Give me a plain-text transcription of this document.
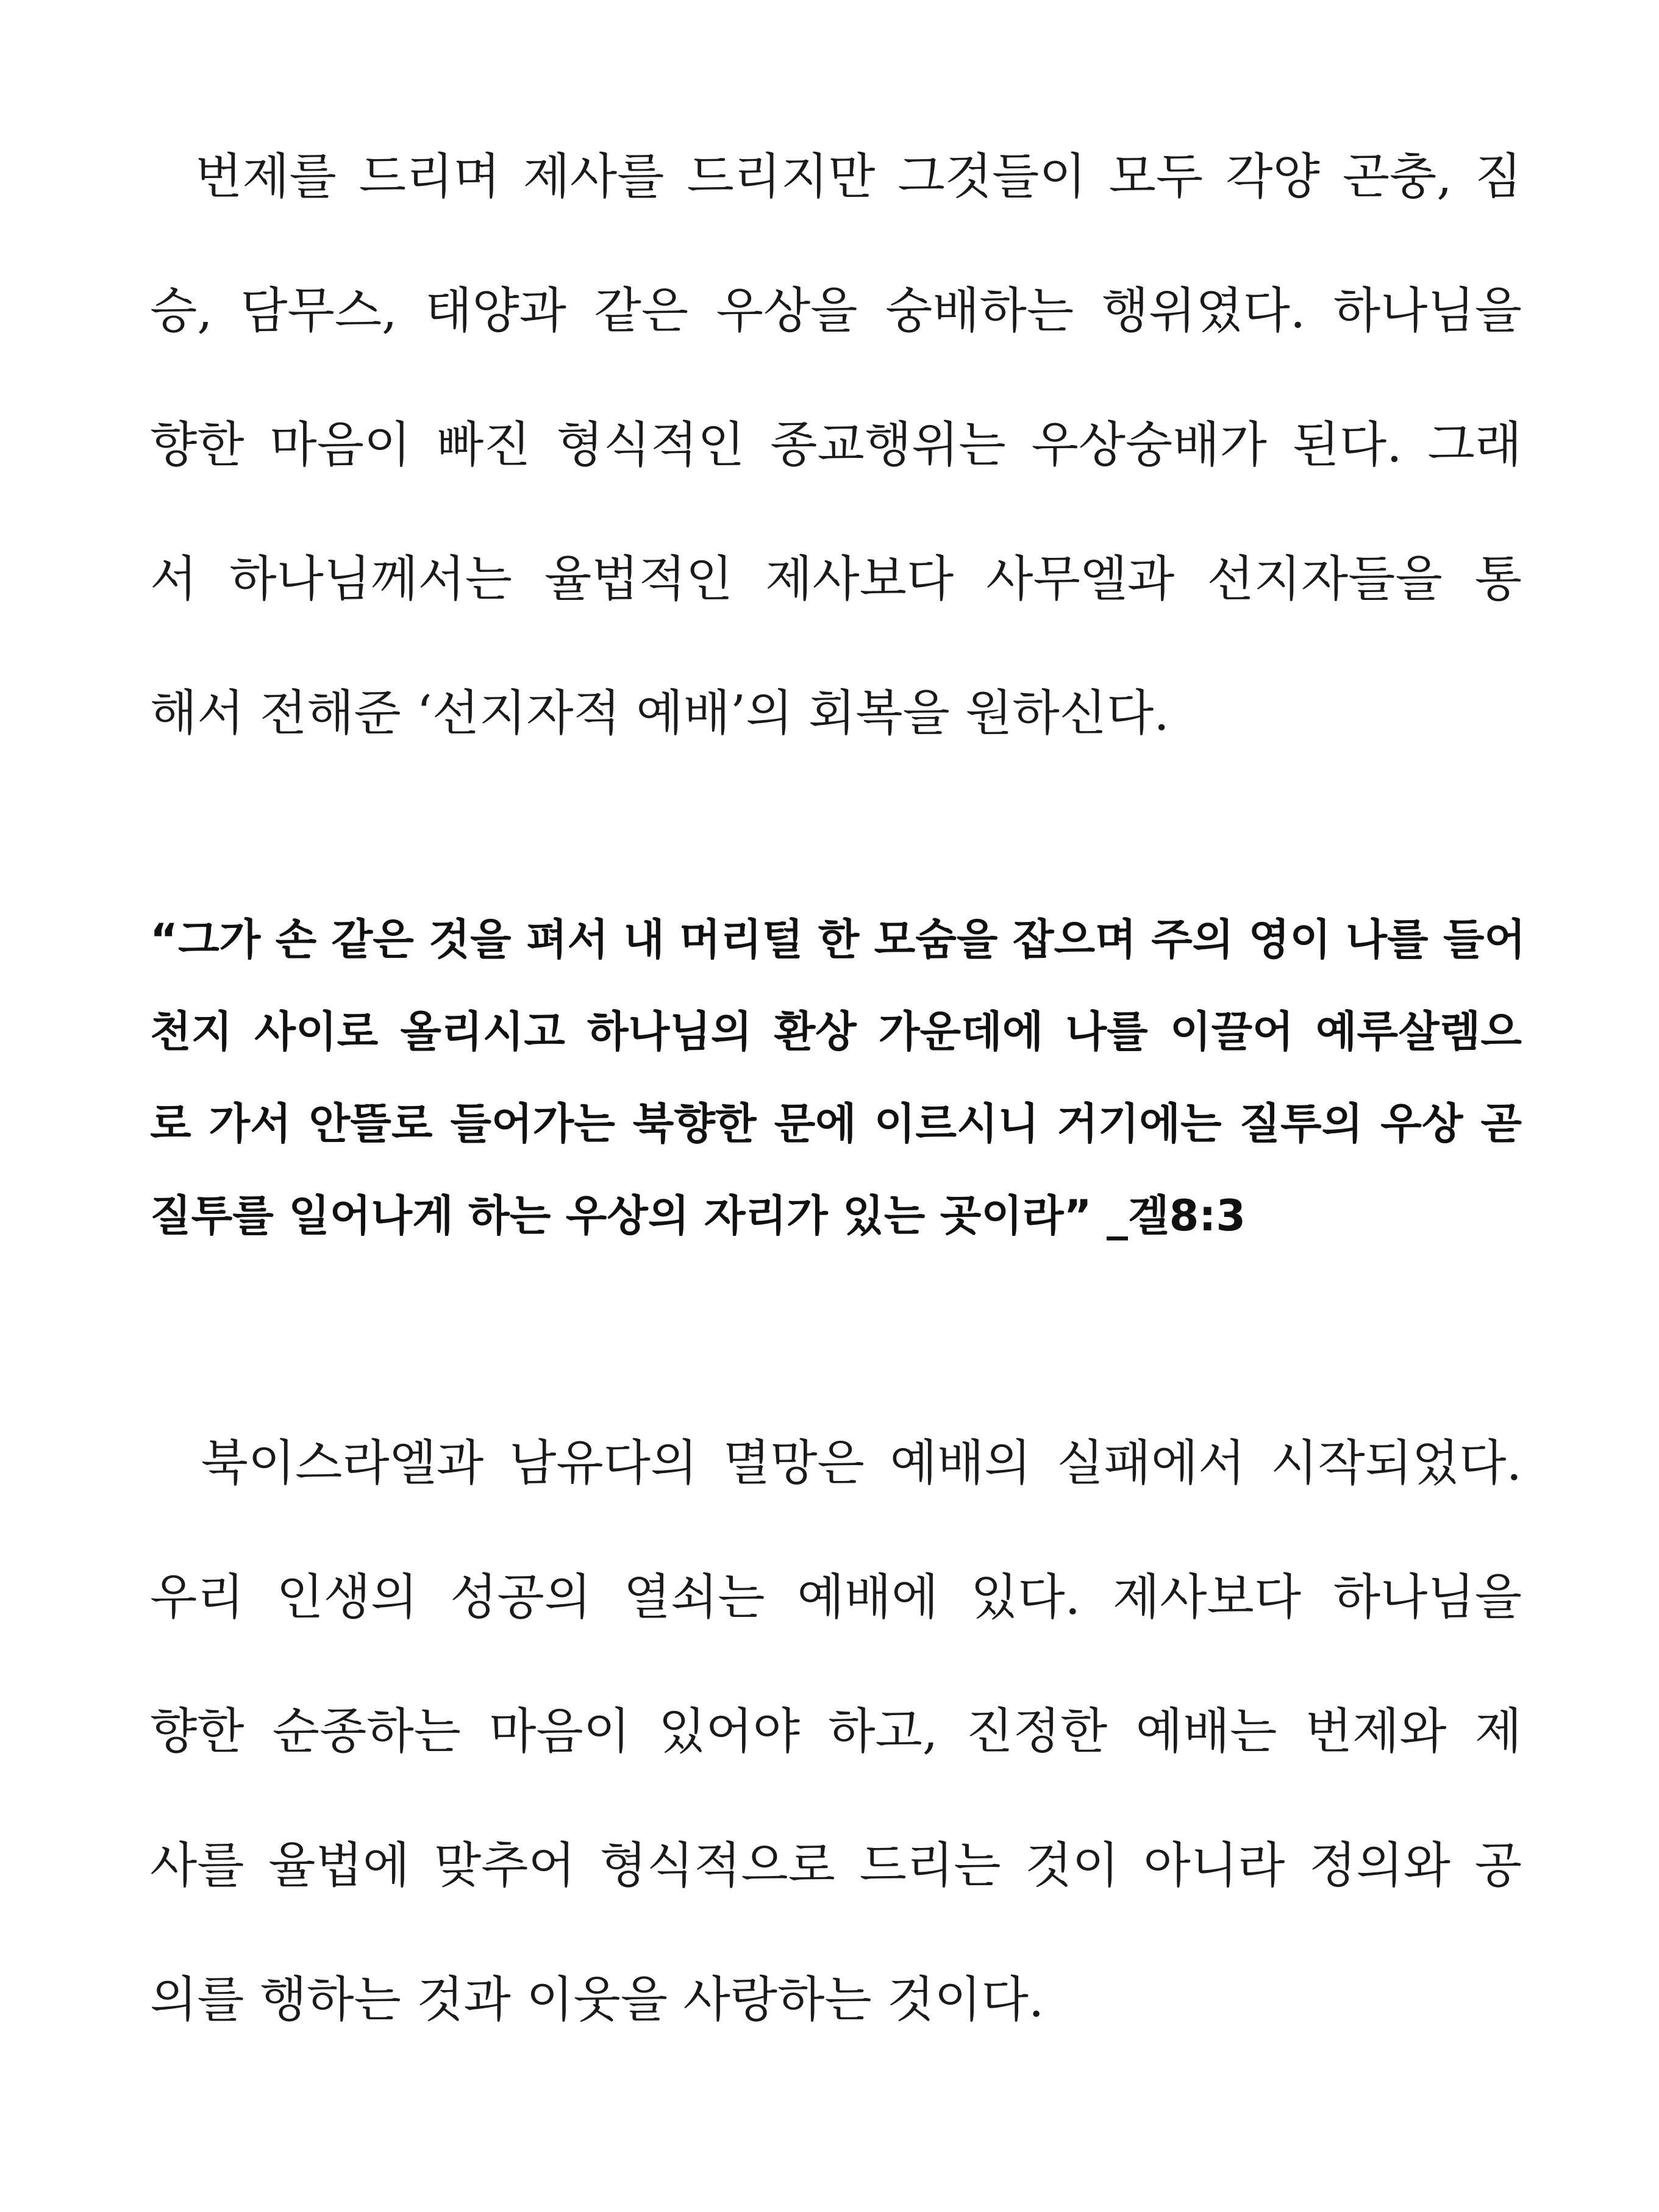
번제를 드리며 제사를 드리지만 그것들이 모두 각양 곤충, 짐
승, 담무스, 태양과 같은 우상을 숭배하는 행위였다. 하나님을
향한 마음이 빠진 형식적인 종교행위는 우상숭배가 된다. 그래
서 하나님께서는 율법적인 제사보다 사무엘과 선지자들을 통
해서 전해준 ‘선지자적 예배’의 회복을 원하신다.
“그가 손 같은 것을 펴서 내 머리털 한 모숨을 잡으며 주의 영이 나를 들어
천지 사이로 올리시고 하나님의 환상 가운데에 나를 이끌어 예루살렘으
로 가서 안뜰로 들어가는 북향한 문에 이르시니 거기에는 질투의 우상 곧
질투를 일어나게 하는 우상의 자리가 있는 곳이라” _겔8:3
북이스라엘과 남유다의 멸망은 예배의 실패에서 시작되었다.
우리 인생의 성공의 열쇠는 예배에 있다. 제사보다 하나님을
향한 순종하는 마음이 있어야 하고, 진정한 예배는 번제와 제
사를 율법에 맞추어 형식적으로 드리는 것이 아니라 정의와 공
의를 행하는 것과 이웃을 사랑하는 것이다.
